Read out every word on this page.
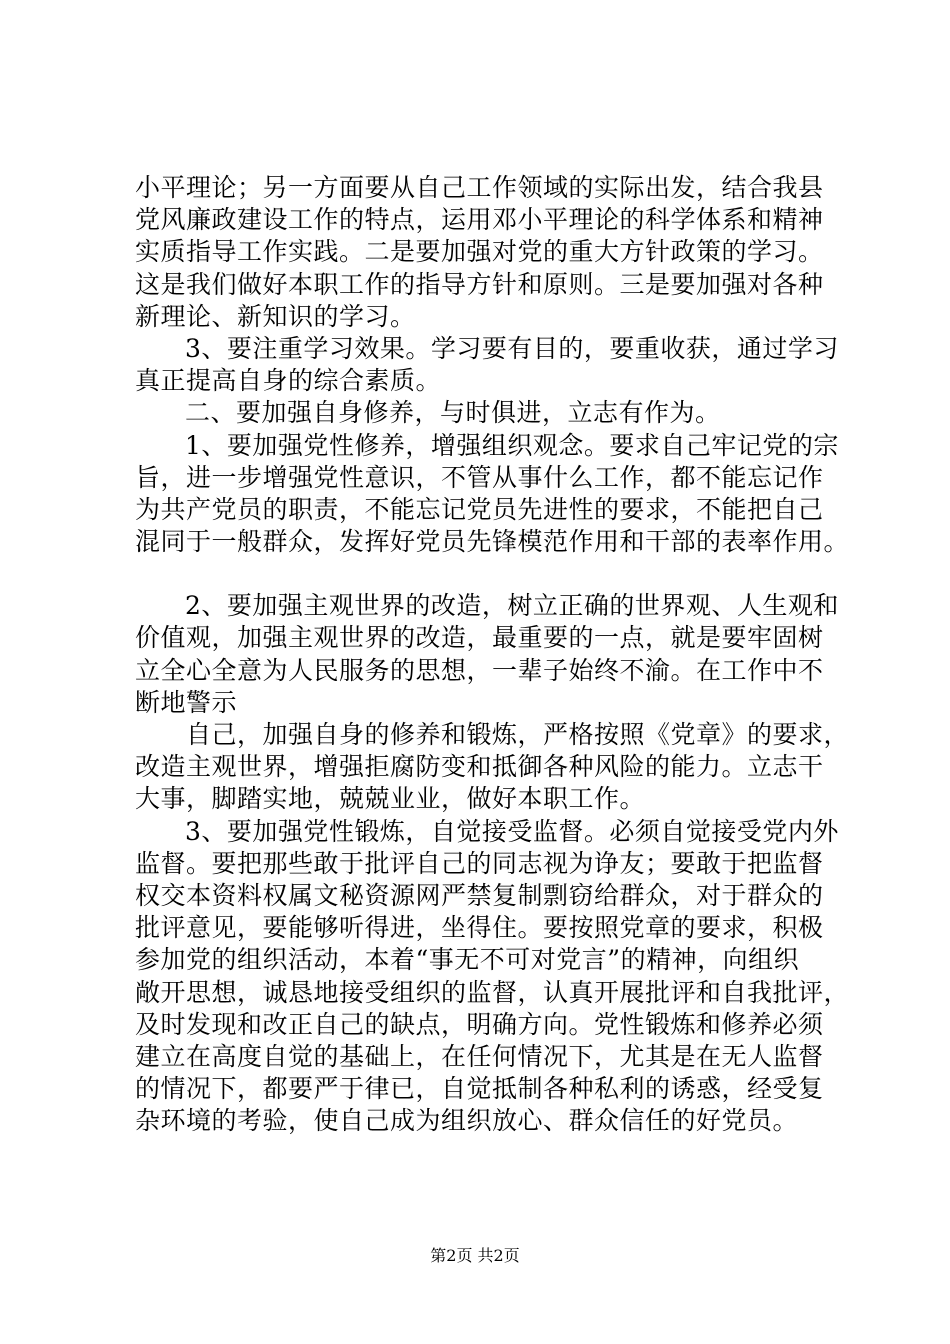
小平理论；另一方面要从自己工作领域的实际出发，结合我县
党风廉政建设工作的特点，运用邓小平理论的科学体系和精神
实质指导工作实践。二是要加强对党的重大方针政策的学习。
这是我们做好本职工作的指导方针和原则。三是要加强对各种
新理论、新知识的学习。
3、要注重学习效果。学习要有目的，要重收获，通过学习
真正提高自身的综合素质。
二、要加强自身修养，与时俱进，立志有作为。
1、要加强党性修养，增强组织观念。要求自己牢记党的宗
旨，进一步增强党性意识，不管从事什么工作，都不能忘记作
为共产党员的职责，不能忘记党员先进性的要求，不能把自己
混同于一般群众，发挥好党员先锋模范作用和干部的表率作用。
2、要加强主观世界的改造，树立正确的世界观、人生观和
价值观，加强主观世界的改造，最重要的一点，就是要牢固树
立全心全意为人民服务的思想，一辈子始终不渝。在工作中不
断地警示
自己，加强自身的修养和锻炼，严格按照《党章》的要求，
改造主观世界，增强拒腐防变和抵御各种风险的能力。立志干
大事，脚踏实地，兢兢业业，做好本职工作。
3、要加强党性锻炼，自觉接受监督。必须自觉接受党内外
监督。要把那些敢于批评自己的同志视为诤友；要敢于把监督
权交本资料权属文秘资源网严禁复制剽窃给群众，对于群众的
批评意见，要能够听得进，坐得住。要按照党章的要求，积极
参加党的组织活动，本着“事无不可对党言”的精神，向组织
敞开思想，诚恳地接受组织的监督，认真开展批评和自我批评，
及时发现和改正自己的缺点，明确方向。党性锻炼和修养必须
建立在高度自觉的基础上，在任何情况下，尤其是在无人监督
的情况下，都要严于律已，自觉抵制各种私利的诱惑，经受复
杂环境的考验，使自己成为组织放心、群众信任的好党员。
第2页 共2页
